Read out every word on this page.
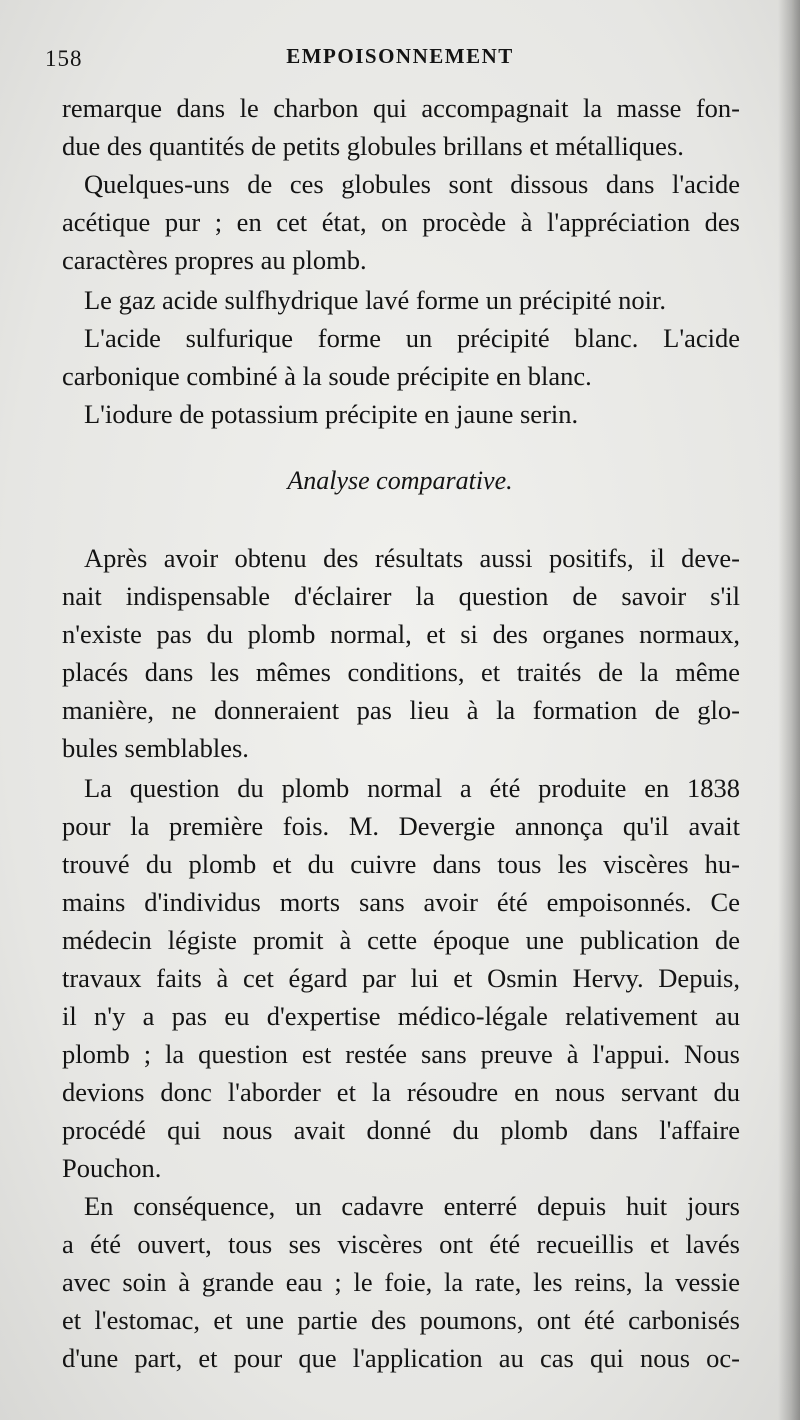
158	EMPOISONNEMENT
remarque dans le charbon qui accompagnait la masse fon-
due des quantités de petits globules brillans et métalliques.
Quelques-uns de ces globules sont dissous dans l'acide
acétique pur ; en cet état, on procède à l'appréciation des
caractères propres au plomb.
Le gaz acide sulfhydrique lavé forme un précipité noir.
L'acide sulfurique forme un précipité blanc. L'acide
carbonique combiné à la soude précipite en blanc.
L'iodure de potassium précipite en jaune serin.
Analyse comparative.
Après avoir obtenu des résultats aussi positifs, il deve-
nait indispensable d'éclairer la question de savoir s'il
n'existe pas du plomb normal, et si des organes normaux,
placés dans les mêmes conditions, et traités de la même
manière, ne donneraient pas lieu à la formation de glo-
bules semblables.
La question du plomb normal a été produite en 1838
pour la première fois. M. Devergie annonça qu'il avait
trouvé du plomb et du cuivre dans tous les viscères hu-
mains d'individus morts sans avoir été empoisonnés. Ce
médecin légiste promit à cette époque une publication de
travaux faits à cet égard par lui et Osmin Hervy. Depuis,
il n'y a pas eu d'expertise médico-légale relativement au
plomb ; la question est restée sans preuve à l'appui. Nous
devions donc l'aborder et la résoudre en nous servant du
procédé qui nous avait donné du plomb dans l'affaire
Pouchon.
En conséquence, un cadavre enterré depuis huit jours
a été ouvert, tous ses viscères ont été recueillis et lavés
avec soin à grande eau ; le foie, la rate, les reins, la vessie
et l'estomac, et une partie des poumons, ont été carbonisés
d'une part, et pour que l'application au cas qui nous oc-
